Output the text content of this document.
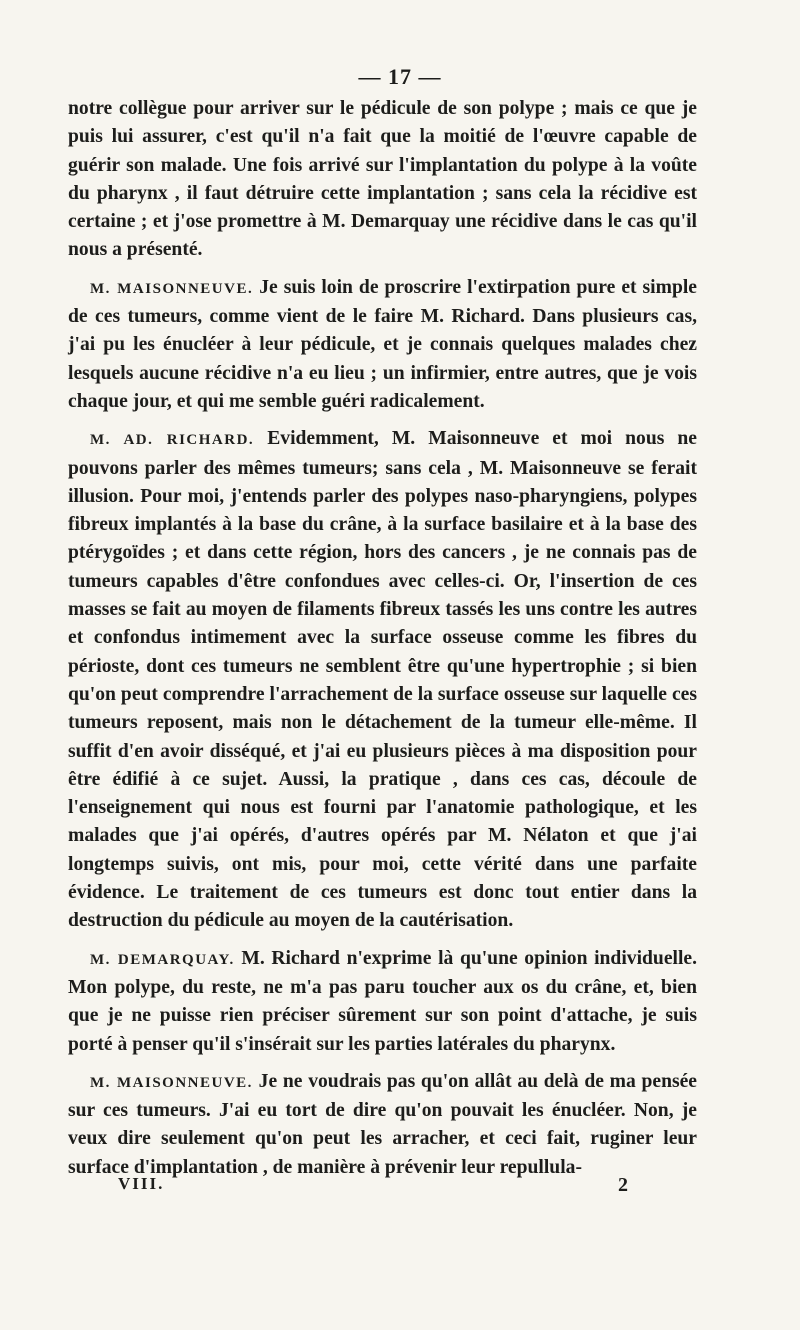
— 17 —

notre collègue pour arriver sur le pédicule de son polype ; mais ce que je puis lui assurer, c'est qu'il n'a fait que la moitié de l'œuvre capable de guérir son malade. Une fois arrivé sur l'implantation du polype à la voûte du pharynx , il faut détruire cette implantation ; sans cela la récidive est certaine ; et j'ose promettre à M. Demarquay une récidive dans le cas qu'il nous a présenté.

M. MAISONNEUVE. Je suis loin de proscrire l'extirpation pure et simple de ces tumeurs, comme vient de le faire M. Richard. Dans plusieurs cas, j'ai pu les énucléer à leur pédicule, et je connais quelques malades chez lesquels aucune récidive n'a eu lieu ; un infirmier, entre autres, que je vois chaque jour, et qui me semble guéri radicalement.

M. AD. RICHARD. Evidemment, M. Maisonneuve et moi nous ne pouvons parler des mêmes tumeurs; sans cela , M. Maisonneuve se ferait illusion. Pour moi, j'entends parler des polypes naso-pharyngiens, polypes fibreux implantés à la base du crâne, à la surface basilaire et à la base des ptérygoïdes ; et dans cette région, hors des cancers , je ne connais pas de tumeurs capables d'être confondues avec celles-ci. Or, l'insertion de ces masses se fait au moyen de filaments fibreux tassés les uns contre les autres et confondus intimement avec la surface osseuse comme les fibres du périoste, dont ces tumeurs ne semblent être qu'une hypertrophie ; si bien qu'on peut comprendre l'arrachement de la surface osseuse sur laquelle ces tumeurs reposent, mais non le détachement de la tumeur elle-même. Il suffit d'en avoir disséqué, et j'ai eu plusieurs pièces à ma disposition pour être édifié à ce sujet. Aussi, la pratique , dans ces cas, découle de l'enseignement qui nous est fourni par l'anatomie pathologique, et les malades que j'ai opérés, d'autres opérés par M. Nélaton et que j'ai longtemps suivis, ont mis, pour moi, cette vérité dans une parfaite évidence. Le traitement de ces tumeurs est donc tout entier dans la destruction du pédicule au moyen de la cautérisation.

M. DEMARQUAY. M. Richard n'exprime là qu'une opinion individuelle. Mon polype, du reste, ne m'a pas paru toucher aux os du crâne, et, bien que je ne puisse rien préciser sûrement sur son point d'attache, je suis porté à penser qu'il s'insérait sur les parties latérales du pharynx.

M. MAISONNEUVE. Je ne voudrais pas qu'on allât au delà de ma pensée sur ces tumeurs. J'ai eu tort de dire qu'on pouvait les énucléer. Non, je veux dire seulement qu'on peut les arracher, et ceci fait, ruginer leur surface d'implantation , de manière à prévenir leur repullula-

VIII.	2
